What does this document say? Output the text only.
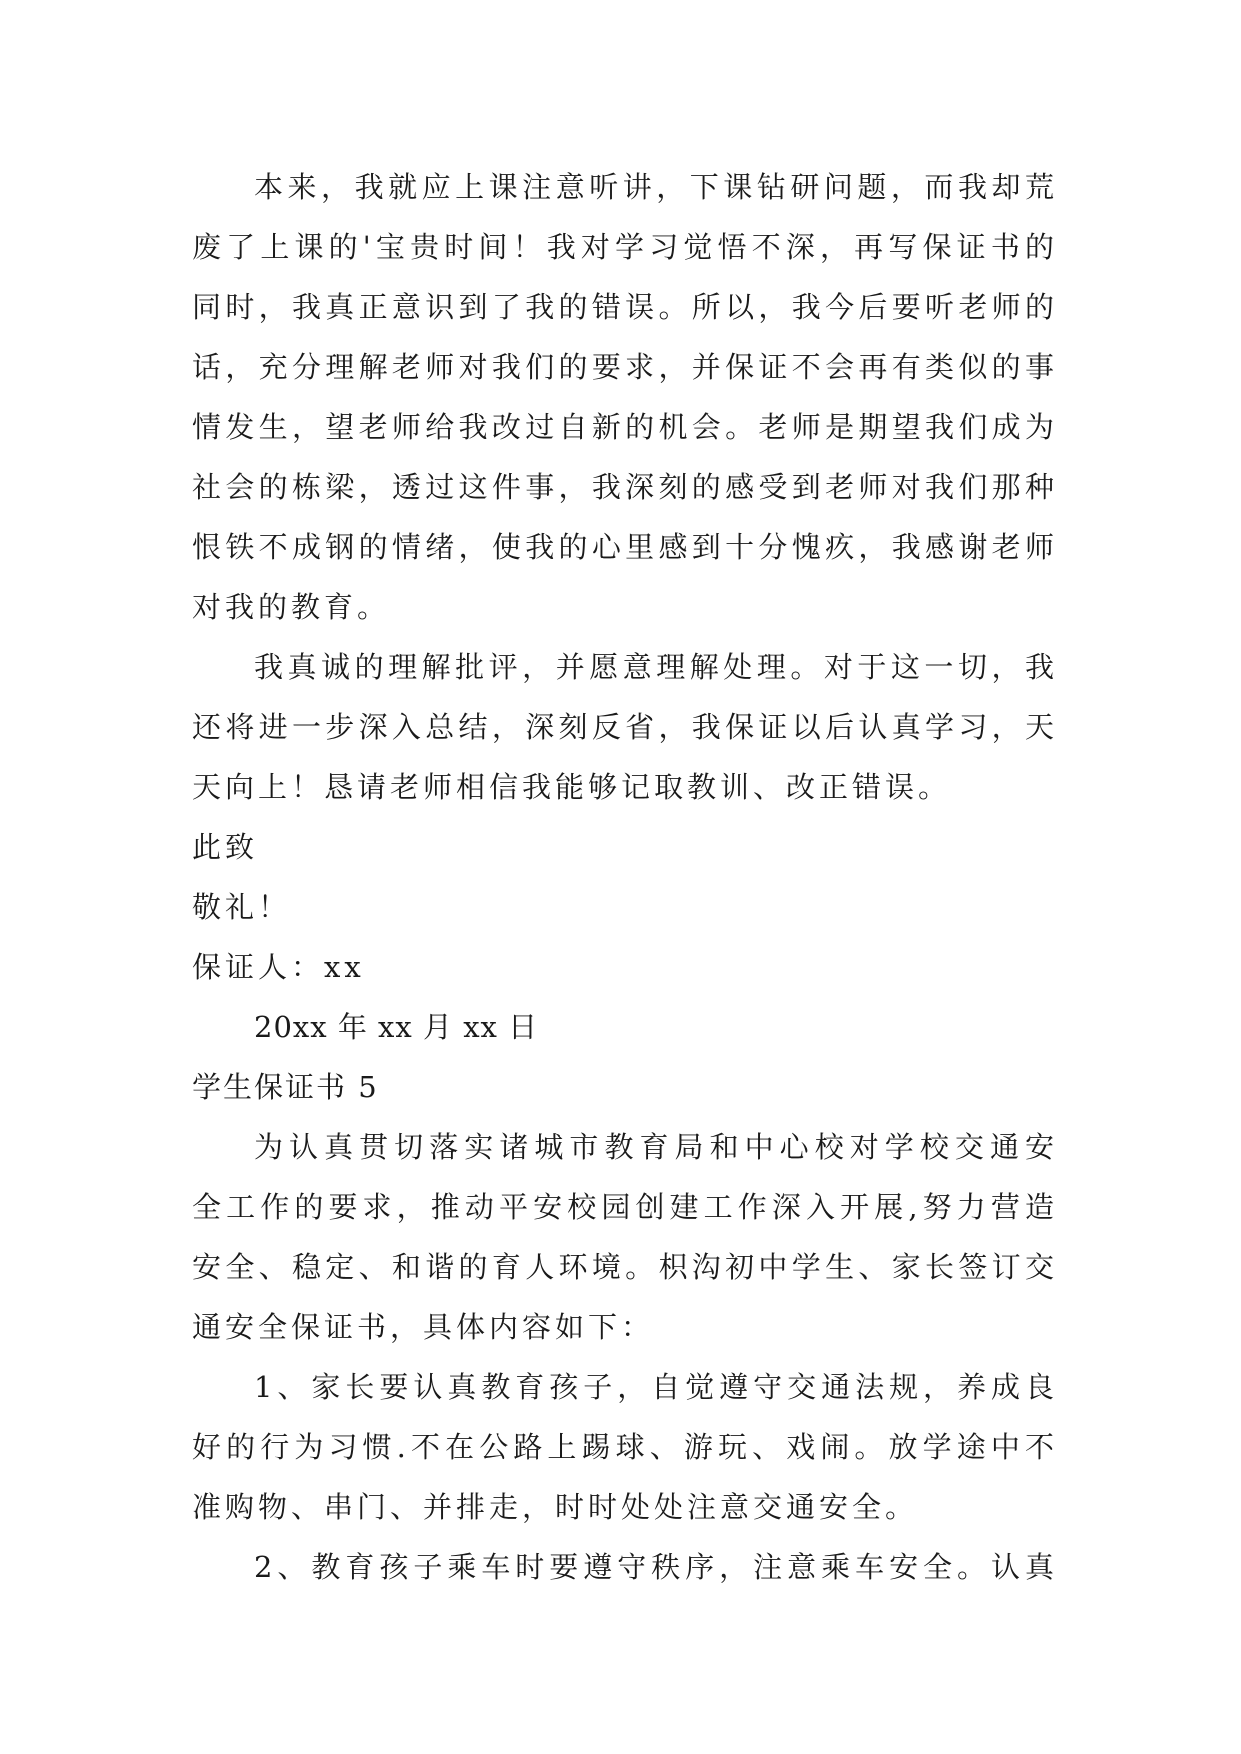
本来，我就应上课注意听讲，下课钻研问题，而我却荒
废了上课的'宝贵时间！我对学习觉悟不深，再写保证书的
同时，我真正意识到了我的错误。所以，我今后要听老师的
话，充分理解老师对我们的要求，并保证不会再有类似的事
情发生，望老师给我改过自新的机会。老师是期望我们成为
社会的栋梁，透过这件事，我深刻的感受到老师对我们那种
恨铁不成钢的情绪，使我的心里感到十分愧疚，我感谢老师
对我的教育。
我真诚的理解批评，并愿意理解处理。对于这一切，我
还将进一步深入总结，深刻反省，我保证以后认真学习，天
天向上！恳请老师相信我能够记取教训、改正错误。
此致
敬礼！
保证人：xx
20xx 年 xx 月 xx 日
学生保证书 5
为认真贯切落实诸城市教育局和中心校对学校交通安
全工作的要求，推动平安校园创建工作深入开展,努力营造
安全、稳定、和谐的育人环境。枳沟初中学生、家长签订交
通安全保证书，具体内容如下：
1、家长要认真教育孩子，自觉遵守交通法规，养成良
好的行为习惯.不在公路上踢球、游玩、戏闹。放学途中不
准购物、串门、并排走，时时处处注意交通安全。
2、教育孩子乘车时要遵守秩序，注意乘车安全。认真
